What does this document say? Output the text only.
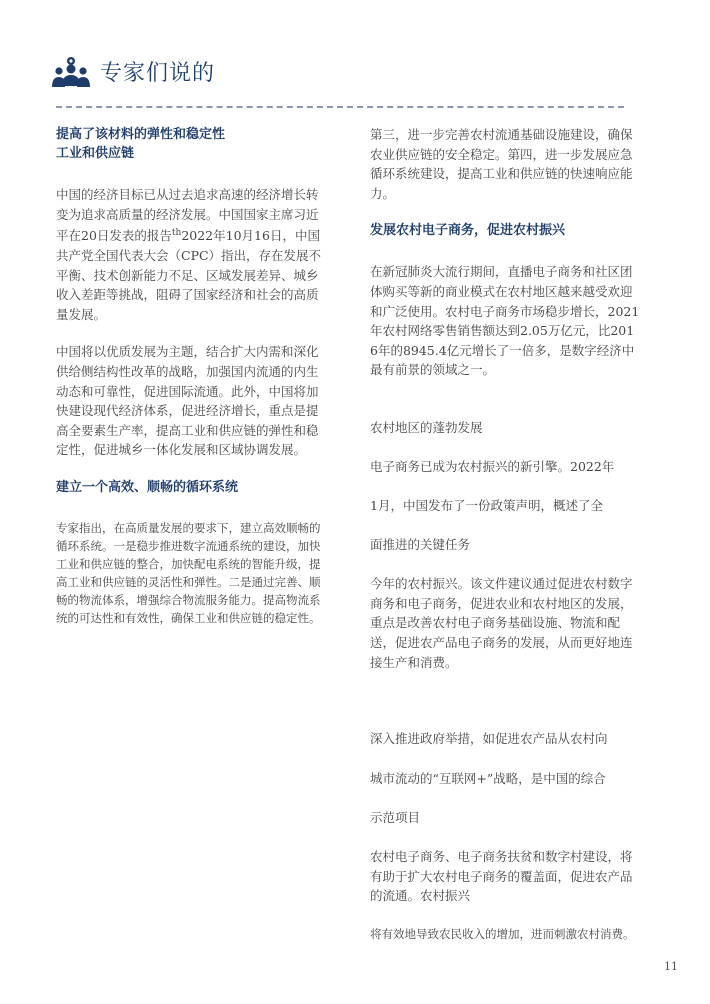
专家们说的
提高了该材料的弹性和稳定性
工业和供应链
中国的经济目标已从过去追求高速的经济增长转变为追求高质量的经济发展。中国国家主席习近平在20日发表的报告$^{th}$2022年10月16日，中国共产党全国代表大会（CPC）指出，存在发展不平衡、技术创新能力不足、区域发展差异、城乡收入差距等挑战，阻碍了国家经济和社会的高质量发展。
中国将以优质发展为主题，结合扩大内需和深化供给侧结构性改革的战略，加强国内流通的内生动态和可靠性，促进国际流通。此外，中国将加快建设现代经济体系，促进经济增长，重点是提高全要素生产率，提高工业和供应链的弹性和稳定性，促进城乡一体化发展和区域协调发展。
建立一个高效、顺畅的循环系统
专家指出，在高质量发展的要求下，建立高效顺畅的循环系统。一是稳步推进数字流通系统的建设，加快工业和供应链的整合，加快配电系统的智能升级，提高工业和供应链的灵活性和弹性。二是通过完善、顺畅的物流体系，增强综合物流服务能力。提高物流系统的可达性和有效性，确保工业和供应链的稳定性。
第三，进一步完善农村流通基础设施建设，确保农业供应链的安全稳定。第四，进一步发展应急循环系统建设，提高工业和供应链的快速响应能力。
发展农村电子商务，促进农村振兴
在新冠肺炎大流行期间，直播电子商务和社区团体购买等新的商业模式在农村地区越来越受欢迎和广泛使用。农村电子商务市场稳步增长，2021年农村网络零售销售额达到2.05万亿元，比2016年的8945.4亿元增长了一倍多，是数字经济中最有前景的领域之一。

农村地区的蓬勃发展

电子商务已成为农村振兴的新引擎。2022年

1月，中国发布了一份政策声明，概述了全

面推进的关键任务

今年的农村振兴。该文件建议通过促进农村数字商务和电子商务，促进农业和农村地区的发展，重点是改善农村电子商务基础设施、物流和配送，促进农产品电子商务的发展，从而更好地连接生产和消费。

深入推进政府举措，如促进农产品从农村向

城市流动的“互联网+”战略，是中国的综合

示范项目

农村电子商务、电子商务扶贫和数字村建设，将有助于扩大农村电子商务的覆盖面，促进农产品的流通。农村振兴

将有效地导致农民收入的增加，进而刺激农村消费。

11
